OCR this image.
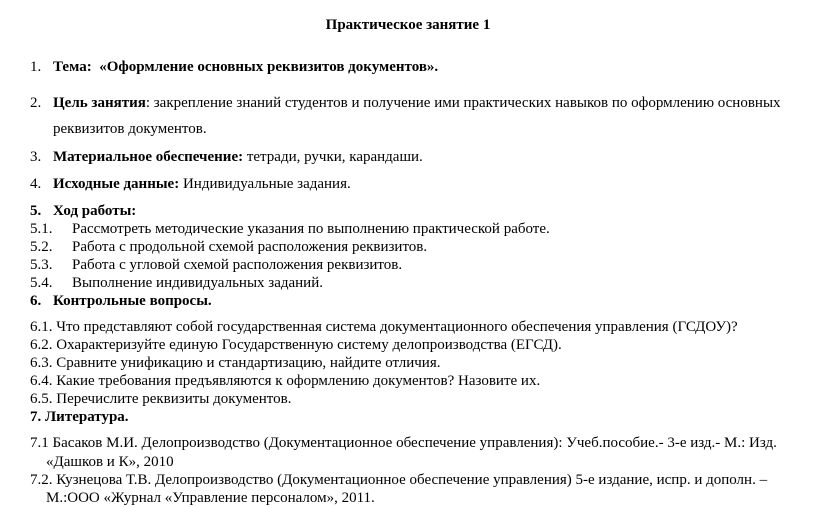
Практическое занятие 1
1. Тема: «Оформление основных реквизитов документов».
2. Цель занятия: закрепление знаний студентов и получение ими практических навыков по оформлению основных
реквизитов документов.
3. Материальное обеспечение: тетради, ручки, карандаши.
4. Исходные данные: Индивидуальные задания.
5. Ход работы:
5.1. Рассмотреть методические указания по выполнению практической работе.
5.2. Работа с продольной схемой расположения реквизитов.
5.3. Работа с угловой схемой расположения реквизитов.
5.4. Выполнение индивидуальных заданий.
6. Контрольные вопросы.
6.1. Что представляют собой государственная система документационного обеспечения управления (ГСДОУ)?
6.2. Охарактеризуйте единую Государственную систему делопроизводства (ЕГСД).
6.3. Сравните унификацию и стандартизацию, найдите отличия.
6.4. Какие требования предъявляются к оформлению документов? Назовите их.
6.5. Перечислите реквизиты документов.
7. Литература.
7.1 Басаков М.И. Делопроизводство (Документационное обеспечение управления): Учеб.пособие.- 3-е изд.- М.: Изд.
«Дашков и К», 2010
7.2. Кузнецова Т.В. Делопроизводство (Документационное обеспечение управления) 5-е издание, испр. и дополн. –
М.:ООО «Журнал «Управление персоналом», 2011.
